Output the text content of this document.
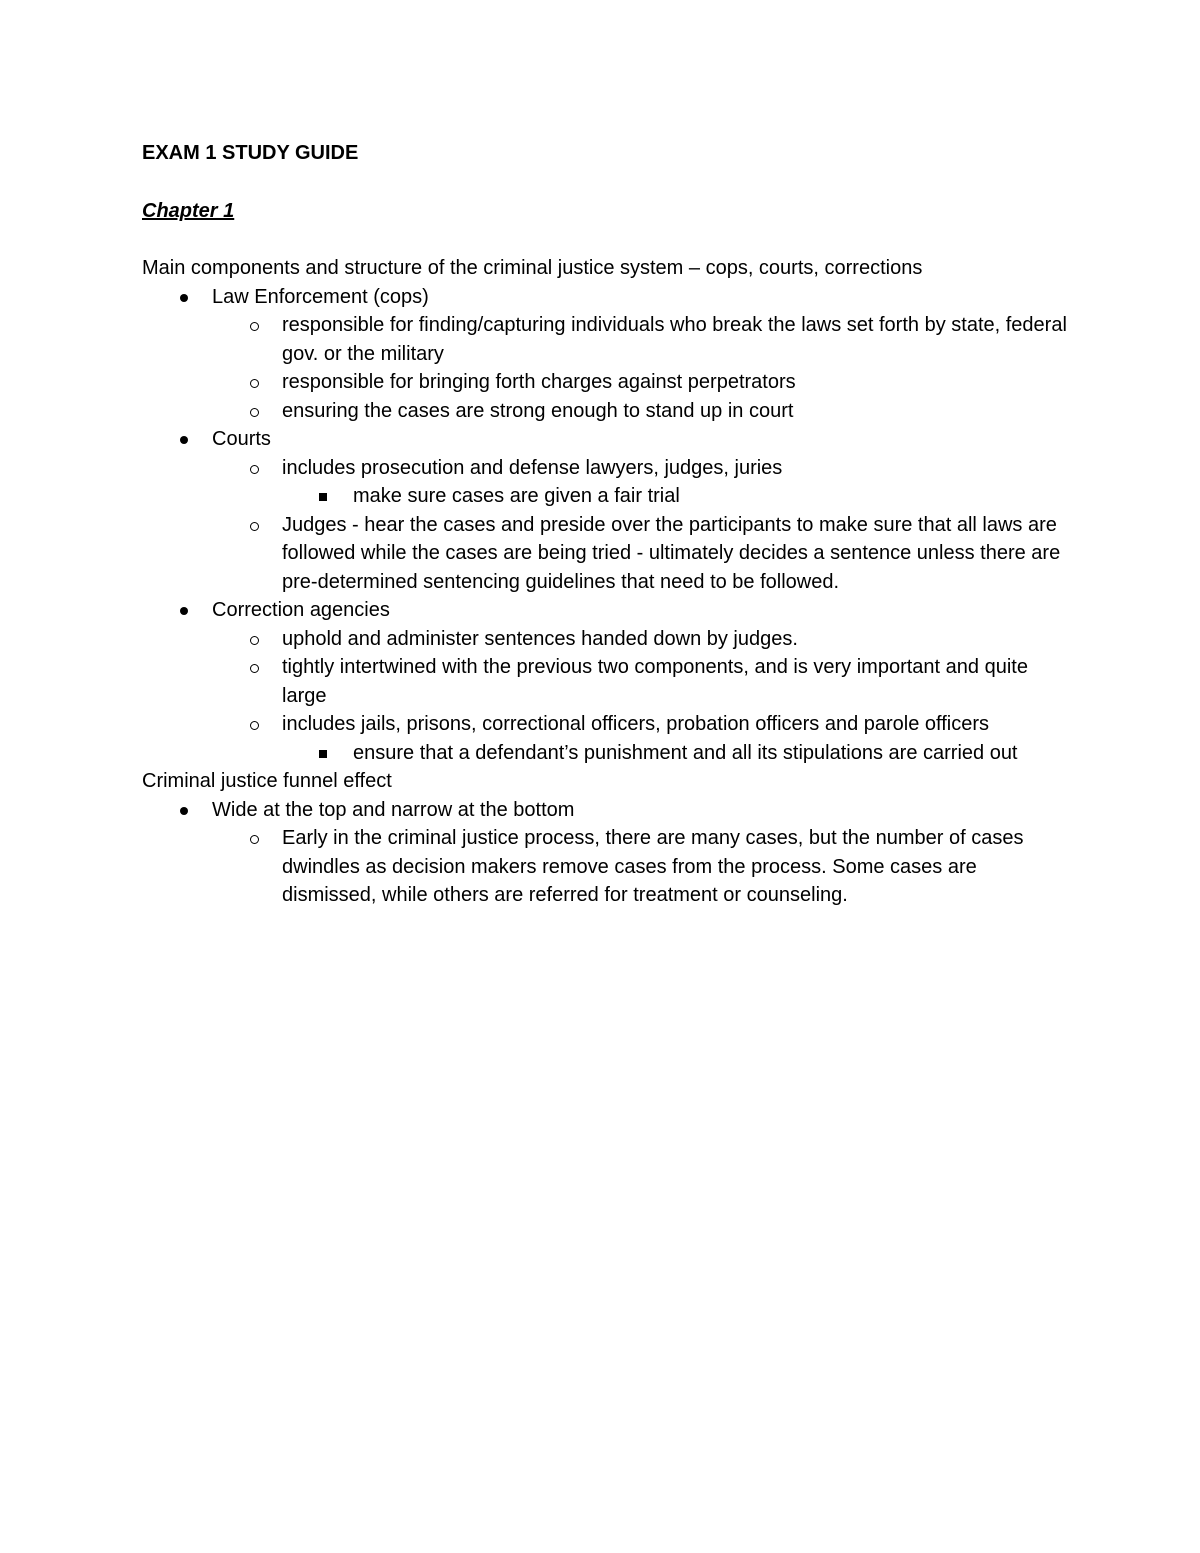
EXAM 1 STUDY GUIDE
Chapter 1

Main components and structure of the criminal justice system – cops, courts, corrections

Law Enforcement (cops)
responsible for finding/capturing individuals who break the laws set forth by state, federal gov. or the military
responsible for bringing forth charges against perpetrators
ensuring the cases are strong enough to stand up in court
Courts
includes prosecution and defense lawyers, judges, juries
make sure cases are given a fair trial
Judges - hear the cases and preside over the participants to make sure that all laws are followed while the cases are being tried - ultimately decides a sentence unless there are pre-determined sentencing guidelines that need to be followed.
Correction agencies
uphold and administer sentences handed down by judges.
tightly intertwined with the previous two components, and is very important and quite large
includes jails, prisons, correctional officers, probation officers and parole officers
ensure that a defendant’s punishment and all its stipulations are carried out

Criminal justice funnel effect

Wide at the top and narrow at the bottom
Early in the criminal justice process, there are many cases, but the number of cases dwindles as decision makers remove cases from the process. Some cases are dismissed, while others are referred for treatment or counseling.
